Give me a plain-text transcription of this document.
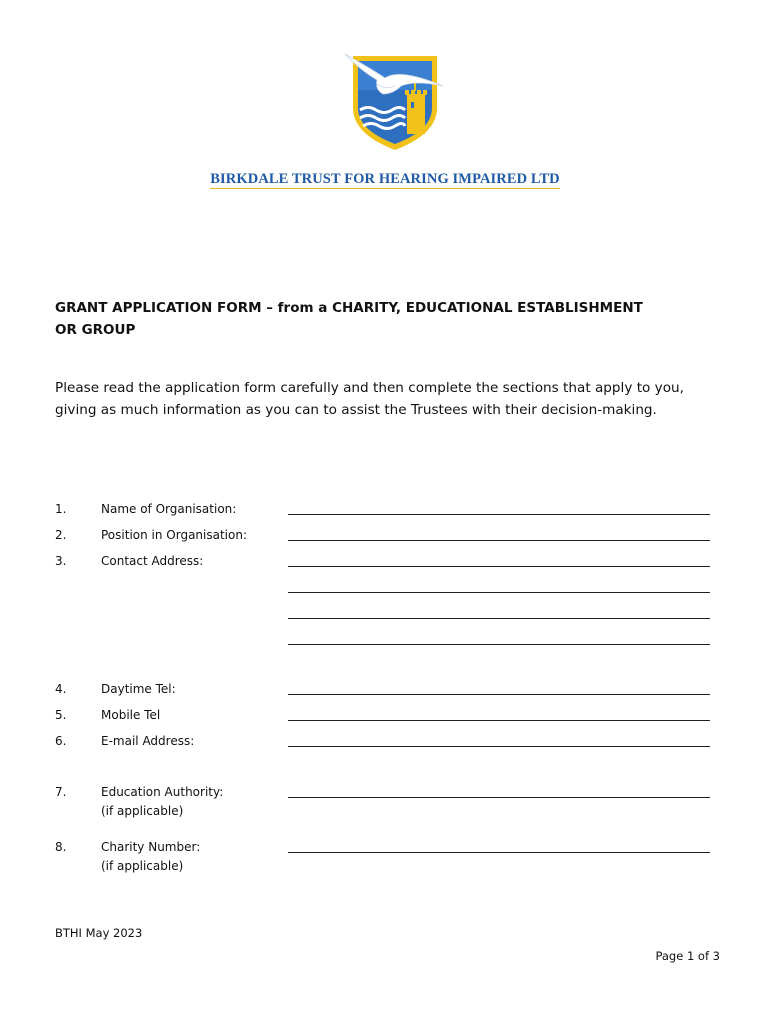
BIRKDALE TRUST FOR HEARING IMPAIRED LTD
GRANT APPLICATION FORM – from a CHARITY, EDUCATIONAL ESTABLISHMENT
OR GROUP
Please read the application form carefully and then complete the sections that apply to you,
giving as much information as you can to assist the Trustees with their decision-making.
1.	Name of Organisation:
2.	Position in Organisation:
3.	Contact Address:
4.	Daytime Tel:
5.	Mobile Tel
6.	E-mail Address:
7.	Education Authority:
(if applicable)
8.	Charity Number:
(if applicable)
BTHI May 2023
Page 1 of 3
